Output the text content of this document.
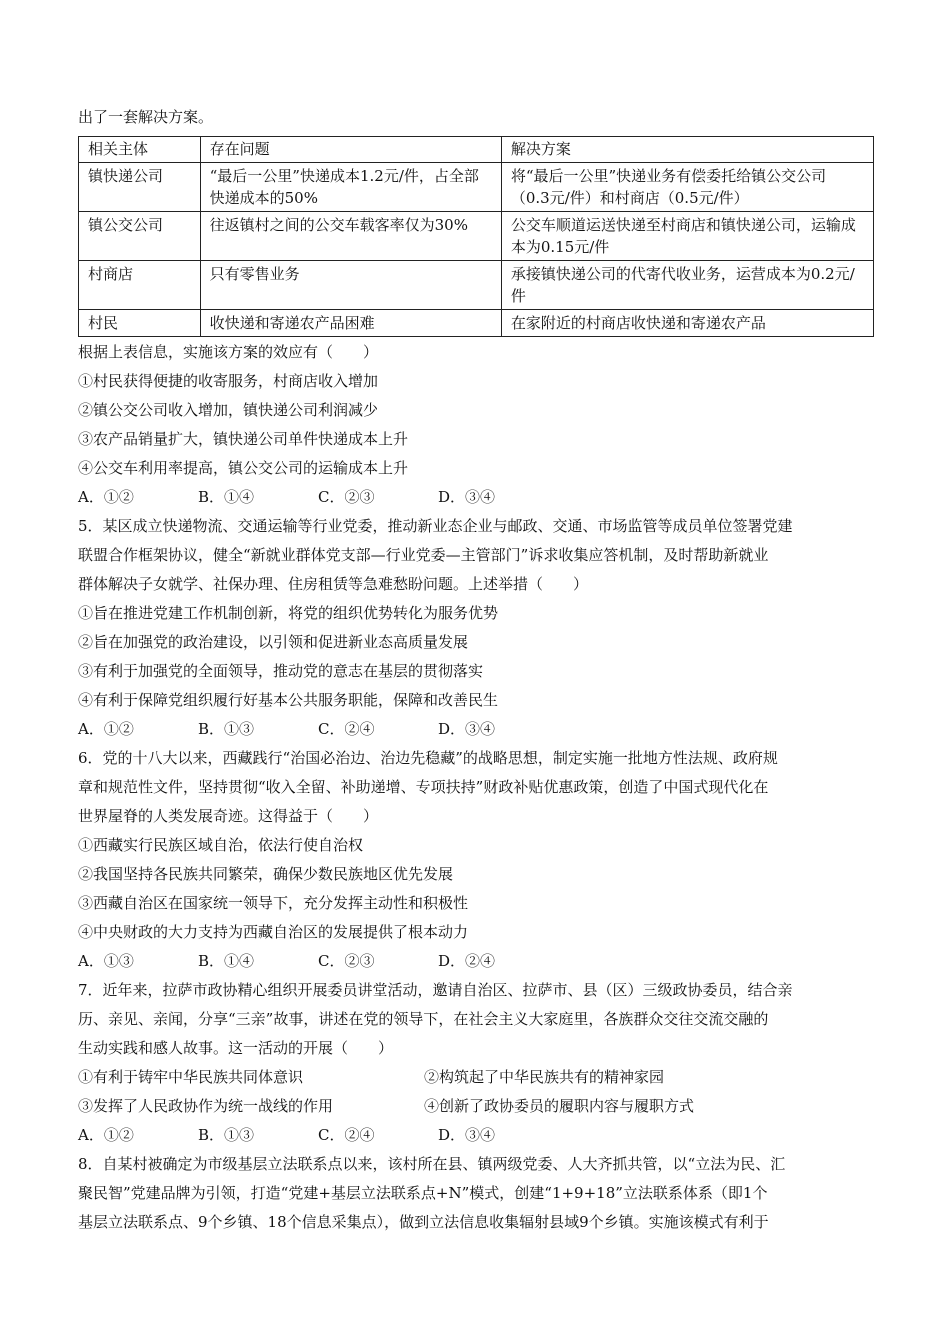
出了一套解决方案。
相关主体	存在问题	解决方案
镇快递公司	“最后一公里”快递成本1.2元/件，占全部快递成本的50%	将“最后一公里”快递业务有偿委托给镇公交公司（0.3元/件）和村商店（0.5元/件）
镇公交公司	往返镇村之间的公交车载客率仅为30%	公交车顺道运送快递至村商店和镇快递公司，运输成本为0.15元/件
村商店	只有零售业务	承接镇快递公司的代寄代收业务，运营成本为0.2元/件
村民	收快递和寄递农产品困难	在家附近的村商店收快递和寄递农产品
根据上表信息，实施该方案的效应有（　　）
①村民获得便捷的收寄服务，村商店收入增加
②镇公交公司收入增加，镇快递公司利润减少
③农产品销量扩大，镇快递公司单件快递成本上升
④公交车利用率提高，镇公交公司的运输成本上升
A．①②	B．①④	C．②③	D．③④
5．某区成立快递物流、交通运输等行业党委，推动新业态企业与邮政、交通、市场监管等成员单位签署党建
联盟合作框架协议，健全“新就业群体党支部—行业党委—主管部门”诉求收集应答机制，及时帮助新就业
群体解决子女就学、社保办理、住房租赁等急难愁盼问题。上述举措（　　）
①旨在推进党建工作机制创新，将党的组织优势转化为服务优势
②旨在加强党的政治建设，以引领和促进新业态高质量发展
③有利于加强党的全面领导，推动党的意志在基层的贯彻落实
④有利于保障党组织履行好基本公共服务职能，保障和改善民生
A．①②	B．①③	C．②④	D．③④
6．党的十八大以来，西藏践行“治国必治边、治边先稳藏”的战略思想，制定实施一批地方性法规、政府规
章和规范性文件，坚持贯彻“收入全留、补助递增、专项扶持”财政补贴优惠政策，创造了中国式现代化在
世界屋脊的人类发展奇迹。这得益于（　　）
①西藏实行民族区域自治，依法行使自治权
②我国坚持各民族共同繁荣，确保少数民族地区优先发展
③西藏自治区在国家统一领导下，充分发挥主动性和积极性
④中央财政的大力支持为西藏自治区的发展提供了根本动力
A．①③	B．①④	C．②③	D．②④
7．近年来，拉萨市政协精心组织开展委员讲堂活动，邀请自治区、拉萨市、县（区）三级政协委员，结合亲
历、亲见、亲闻，分享“三亲”故事，讲述在党的领导下，在社会主义大家庭里，各族群众交往交流交融的
生动实践和感人故事。这一活动的开展（　　）
①有利于铸牢中华民族共同体意识	②构筑起了中华民族共有的精神家园
③发挥了人民政协作为统一战线的作用	④创新了政协委员的履职内容与履职方式
A．①②	B．①③	C．②④	D．③④
8．自某村被确定为市级基层立法联系点以来，该村所在县、镇两级党委、人大齐抓共管，以“立法为民、汇
聚民智”党建品牌为引领，打造“党建+基层立法联系点+N”模式，创建“1+9+18”立法联系体系（即1个
基层立法联系点、9个乡镇、18个信息采集点），做到立法信息收集辐射县域9个乡镇。实施该模式有利于
